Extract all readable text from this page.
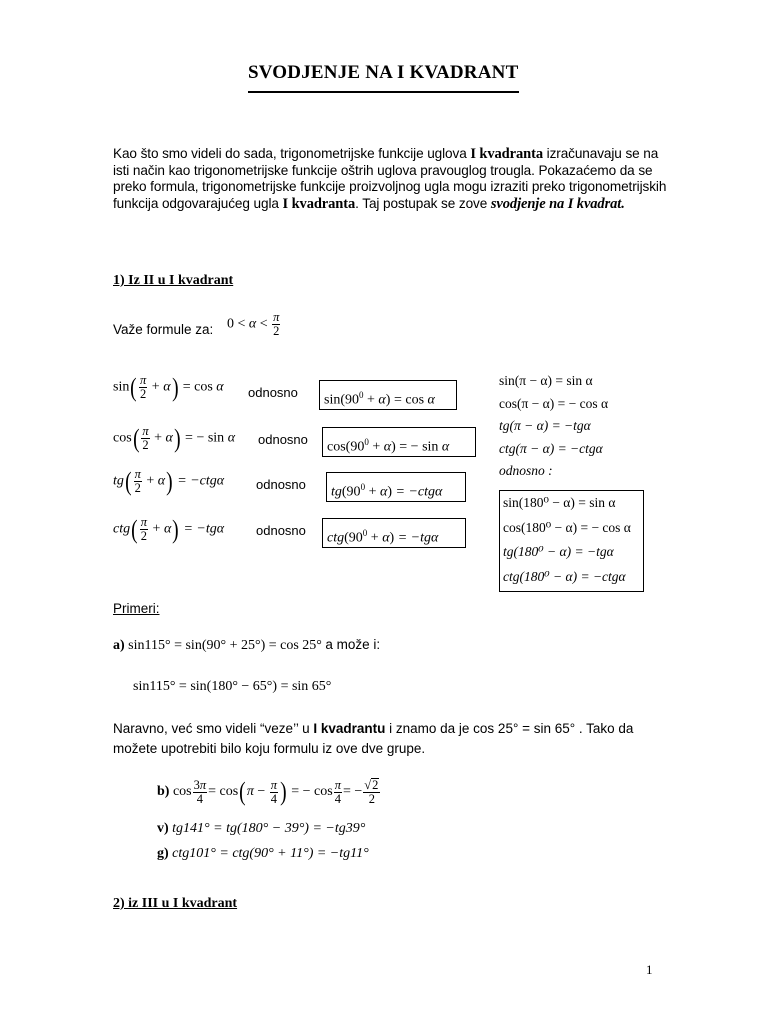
SVODJENJE NA I KVADRANT
Kao što smo videli do sada, trigonometrijske funkcije uglova I kvadranta izračunavaju se na isti način kao trigonometrijske funkcije oštrih uglova pravouglog trougla. Pokazaćemo da se preko formula, trigonometrijske funkcije proizvoljnog ugla mogu izraziti preko trigonometrijskih funkcija odgovarajućeg ugla I kvadranta. Taj postupak se zove svodjenje na I kvadrat.
1) Iz II u I kvadrant
Važe formule za: $0 < \alpha < \frac{\pi}{2}$
$\sin( \frac{\pi}{2} + \alpha) = \cos \alpha$
$\cos( \frac{\pi}{2} + \alpha)$ = − sin α
$tg( \frac{\pi}{2} + \alpha) = -ctg\alpha$
$ctg( \frac{\pi}{2} + \alpha) = -tg\alpha$
odnosno
odnosno
odnosno
odnosno
$\sin(90^0 + \alpha) = \cos \alpha$
$\cos(90^0 + \alpha)$ = − sin α
$tg(90^0 + \alpha) = -ctg\alpha$
$ctg(90^0 + \alpha) = -tg\alpha$
sin(π − α) = sin α
cos(π − α) = − cos α
tg(π − α) = −tgα
ctg(π − α) = −ctgα
odnosno :
sin(180⁰ − α) = sin α
cos(180⁰ − α) = − cos α
tg(180⁰ − α) = −tgα
ctg(180⁰ − α) = −ctgα
Primeri:
a) sin115° = sin(90° + 25°) = cos 25° a može i:
sin115° = sin(180° − 65°) = sin 65°
Naravno, već smo videli “veze’’ u I kvadrantu i znamo da je cos 25° = sin 65° . Tako da možete upotrebiti bilo koju formulu iz ove dve grupe.
b) $\cos \frac{3\pi}{4} = \cos(\pi - \frac{\pi}{4}$ ) = − $\cos \frac{\pi}{4}$ = − $\frac{√2}{2}$
v) tg141° = tg(180° − 39°) = −tg39°
g) ctg101° = ctg(90° + 11°) = −tg11°
2) iz III u I kvadrant
1
